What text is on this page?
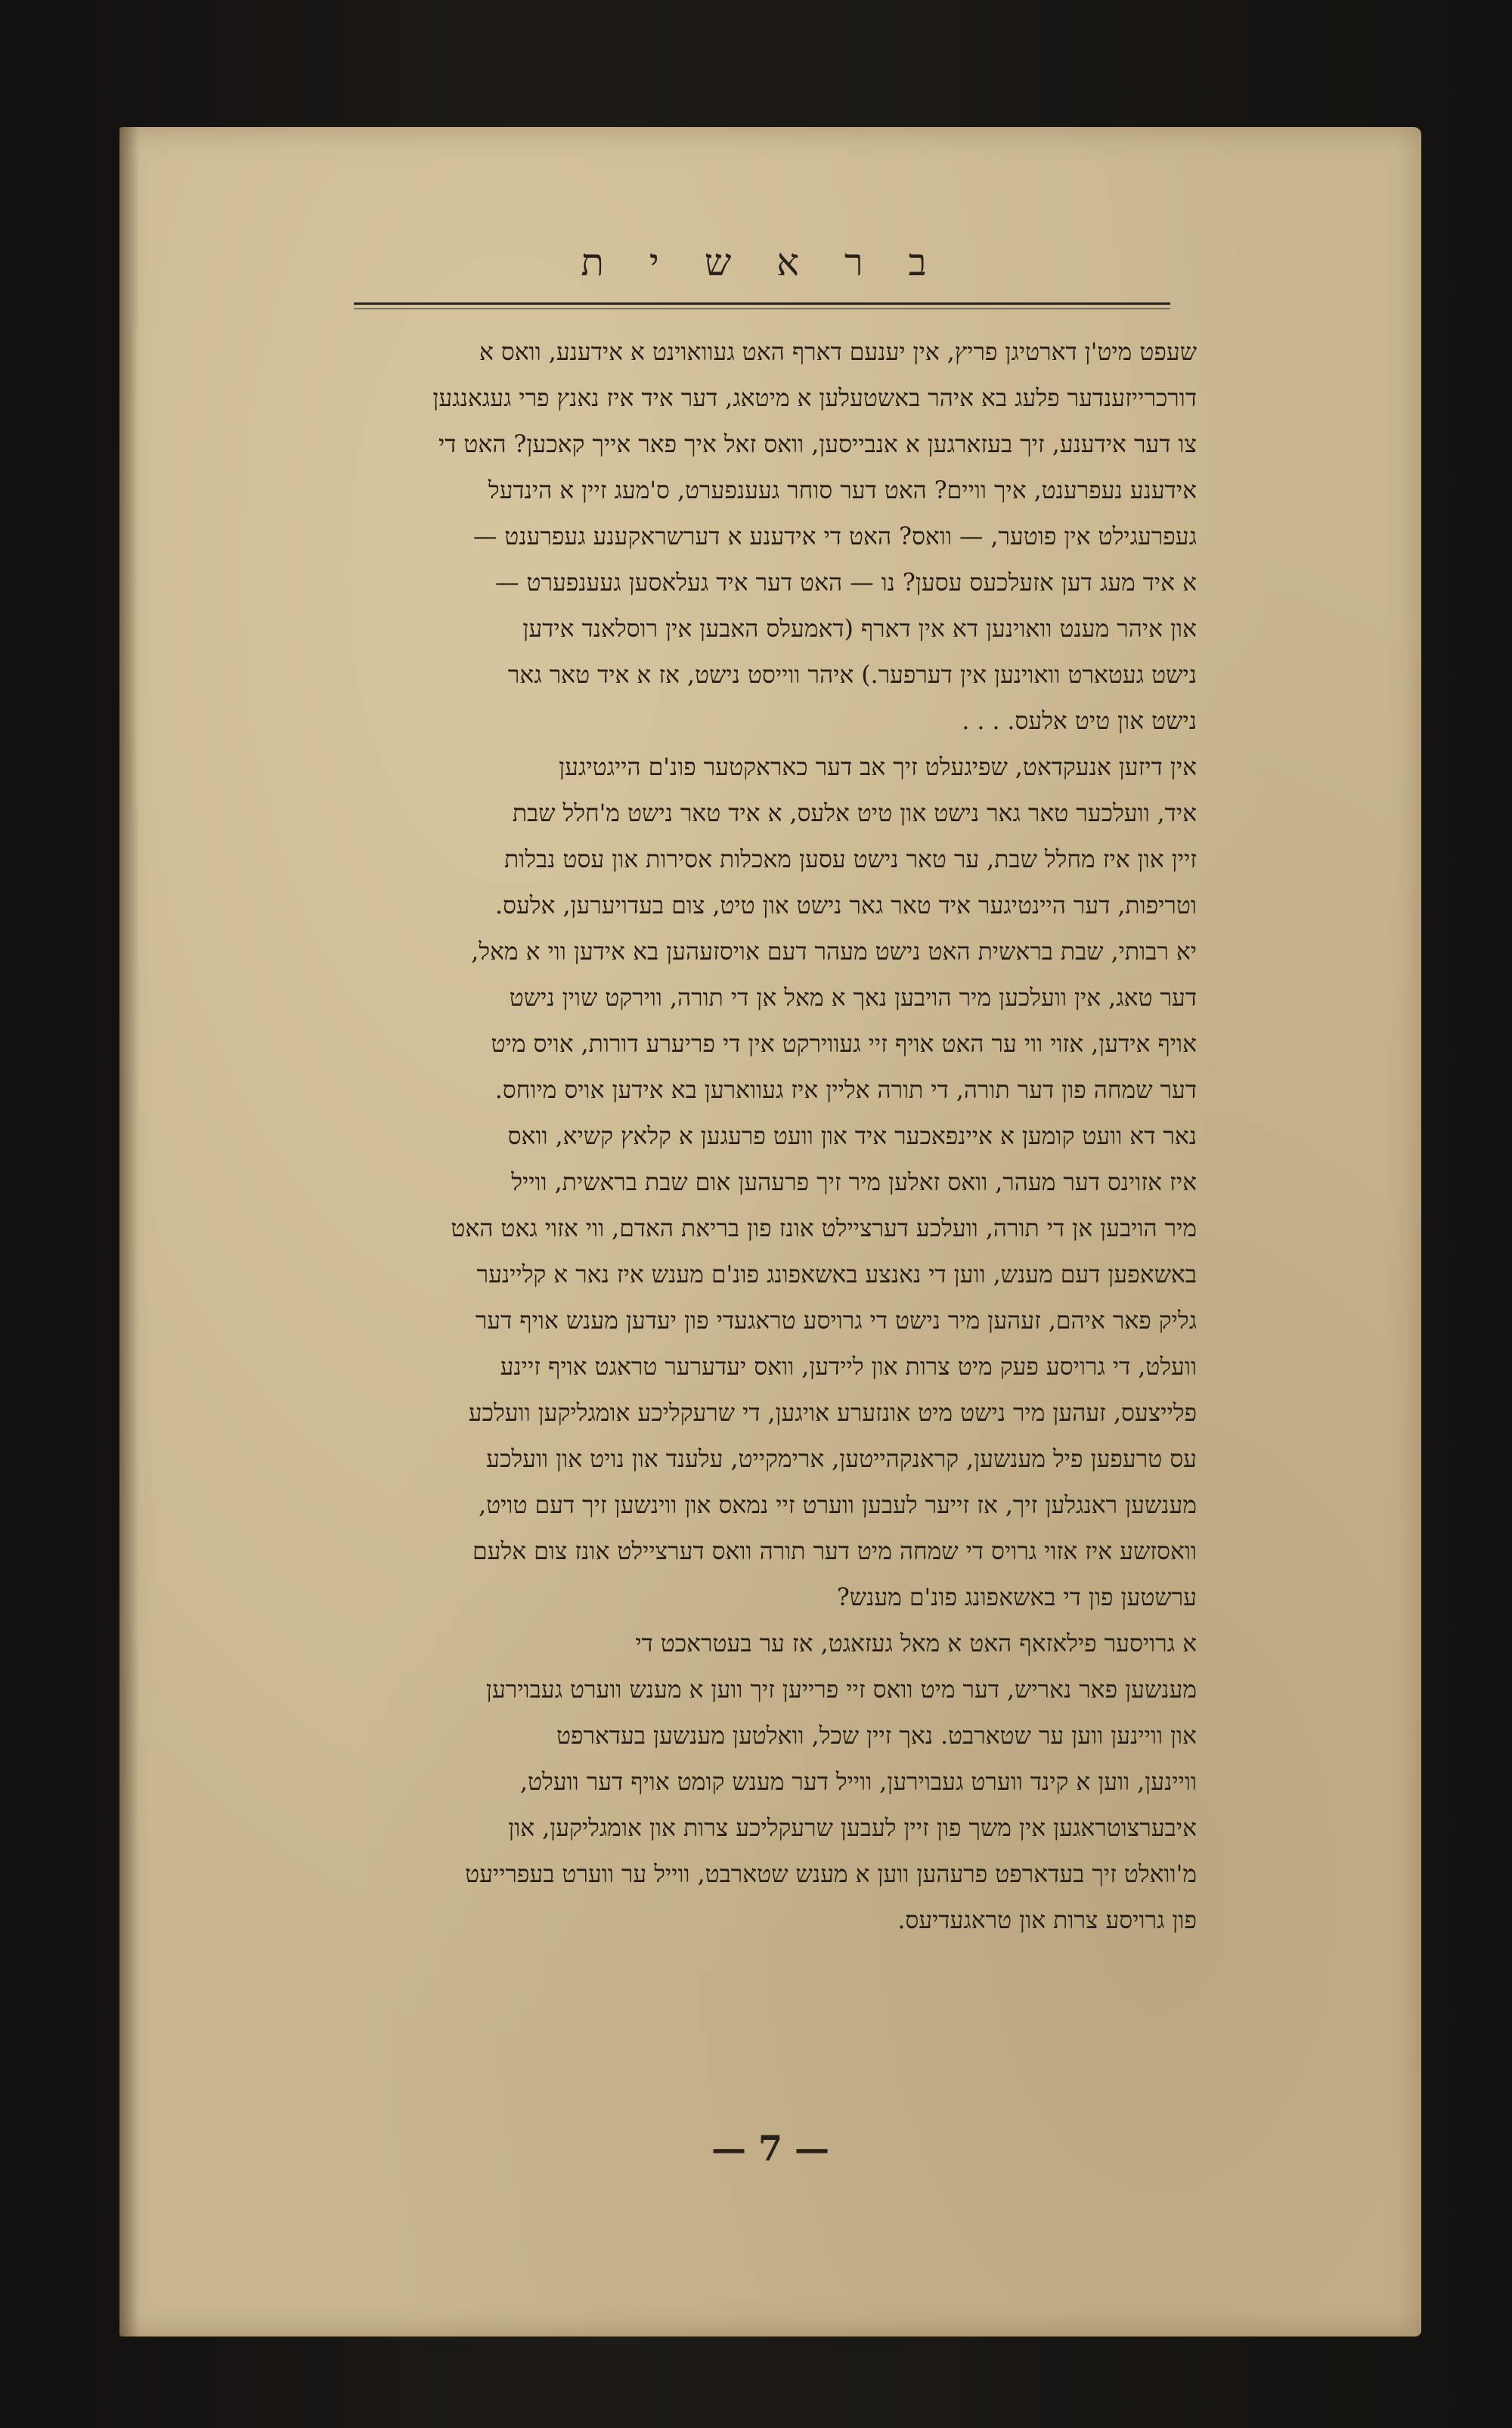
ב ר א ש י ת
שעפט מיט'ן דארטיגן פריץ, אין יענעם דארף האט געוואוינט א אידענע, וואס א
דורכרייזענדער פלעג בא איהר באשטעלען א מיטאג, דער איד איז נאנץ פרי געגאנגען
צו דער אידענע, זיך בעזארגען א אנבייסען, וואס זאל איך פאר אייך קאכען? האט די
אידענע נעפרענט, איך וויים? האט דער סוחר געענפערט, ס'מעג זיין א הינדעל
געפרעגילט אין פוטער, — וואס? האט די אידענע א דערשראקענע געפרענט —
א איד מעג דען אזעלכעס עסען? נו — האט דער איד געלאסען געענפערט —
און איהר מענט וואוינען דא אין דארף (דאמעלס האבען אין רוסלאנד אידען
נישט געטארט וואוינען אין דערפער.) איהר ווייסט נישט, אז א איד טאר גאר
נישט און טיט אלעס. . . .
אין דיזען אנעקדאט, שפיגעלט זיך אב דער כאראקטער פונ'ם הייגטיגען
איד, וועלכער טאר גאר נישט און טיט אלעס, א איד טאר נישט מ'חלל שבת
זיין און איז מחלל שבת, ער טאר נישט עסען מאכלות אסירות און עסט נבלות
וטריפות, דער היינטיגער איד טאר גאר נישט און טיט, צום בעדויערען, אלעס.
יא רבותי, שבת בראשית האט נישט מעהר דעם אויסזעהען בא אידען ווי א מאל,
דער טאג, אין וועלכען מיר הויבען נאך א מאל אן די תורה, ווירקט שוין נישט
אויף אידען, אזוי ווי ער האט אויף זיי געווירקט אין די פריערע דורות, אויס מיט
דער שמחה פון דער תורה, די תורה אליין איז געווארען בא אידען אויס מיוחס.
נאר דא וועט קומען א איינפאכער איד און וועט פרעגען א קלאץ קשיא, וואס
איז אזוינס דער מעהר, וואס זאלען מיר זיך פרעהען אום שבת בראשית, ווייל
מיר הויבען אן די תורה, וועלכע דערציילט אונז פון בריאת האדם, ווי אזוי גאט האט
באשאפען דעם מענש, ווען די נאנצע באשאפונג פונ'ם מענש איז נאר א קליינער
גליק פאר איהם, זעהען מיר נישט די גרויסע טראגעדי פון יעדען מענש אויף דער
וועלט, די גרויסע פעק מיט צרות און ליידען, וואס יעדערער טראגט אויף זיינע
פלייצעס, זעהען מיר נישט מיט אונזערע אויגען, די שרעקליכע אומגליקען וועלכע
עס טרעפען פיל מענשען, קראנקהייטען, ארימקייט, עלענד און נויט און וועלכע
מענשען ראנגלען זיך, אז זייער לעבען ווערט זיי נמאס און ווינשען זיך דעם טויט,
וואסזשע איז אזוי גרויס די שמחה מיט דער תורה וואס דערציילט אונז צום אלעם
ערשטען פון די באשאפונג פונ'ם מענש?
א גרויסער פילאזאף האט א מאל געזאגט, אז ער בעטראכט די
מענשען פאר נאריש, דער מיט וואס זיי פרייען זיך ווען א מענש ווערט געבוירען
און וויינען ווען ער שטארבט. נאך זיין שכל, וואלטען מענשען בעדארפט
וויינען, ווען א קינד ווערט געבוירען, ווייל דער מענש קומט אויף דער וועלט,
איבערצוטראגען אין משך פון זיין לעבען שרעקליכע צרות און אומגליקען, און
מ'וואלט זיך בעדארפט פרעהען ווען א מענש שטארבט, ווייל ער ווערט בעפרייעט
פון גרויסע צרות און טראגעדיעס.
— 7 —
